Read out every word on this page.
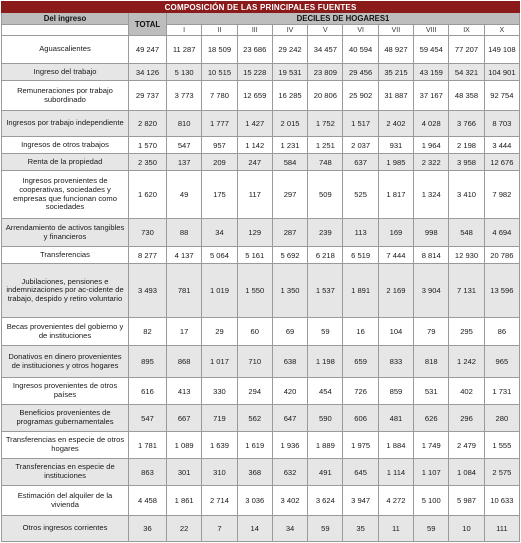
COMPOSICIÓN DE LAS PRINCIPALES FUENTES											
Del ingreso	TOTAL	DECILES DE HOGARES1									
		I	II	III	IV	V	VI	VII	VIII	IX	X
Aguascalientes	49 247	11 287	18 509	23 686	29 242	34 457	40 594	48 927	59 454	77 207	149 108
Ingreso del trabajo	34 126	5 130	10 515	15 228	19 531	23 809	29 456	35 215	43 159	54 321	104 901
Remuneraciones por trabajo subordinado	29 737	3 773	7 780	12 659	16 285	20 806	25 902	31 887	37 167	48 358	92 754
Ingresos por trabajo independiente	2 820	810	1 777	1 427	2 015	1 752	1 517	2 402	4 028	3 766	8 703
Ingresos de otros trabajos	1 570	547	957	1 142	1 231	1 251	2 037	931	1 964	2 198	3 444
Renta de la propiedad	2 350	137	209	247	584	748	637	1 985	2 322	3 958	12 676
Ingresos provenientes de cooperativas, sociedades y empresas que funcionan como sociedades	1 620	49	175	117	297	509	525	1 817	1 324	3 410	7 982
Arrendamiento de activos tangibles y financieros	730	88	34	129	287	239	113	169	998	548	4 694
Transferencias	8 277	4 137	5 064	5 161	5 692	6 218	6 519	7 444	8 814	12 930	20 786
Jubilaciones, pensiones e indemnizaciones por ac-cidente de trabajo, despido y retiro voluntario	3 493	781	1 019	1 550	1 350	1 537	1 891	2 169	3 904	7 131	13 596
Becas provenientes del gobierno y de instituciones	82	17	29	60	69	59	16	104	79	295	86
Donativos en dinero provenientes de instituciones y otros hogares	895	868	1 017	710	638	1 198	659	833	818	1 242	965
Ingresos provenientes de otros países	616	413	330	294	420	454	726	859	531	402	1 731
Beneficios provenientes de programas gubernamentales	547	667	719	562	647	590	606	481	626	296	280
Transferencias en especie de otros hogares	1 781	1 089	1 639	1 619	1 936	1 889	1 975	1 884	1 749	2 479	1 555
Transferencias en especie de instituciones	863	301	310	368	632	491	645	1 114	1 107	1 084	2 575
Estimación del alquiler de la vivienda	4 458	1 861	2 714	3 036	3 402	3 624	3 947	4 272	5 100	5 987	10 633
Otros ingresos corrientes	36	22	7	14	34	59	35	11	59	10	111
